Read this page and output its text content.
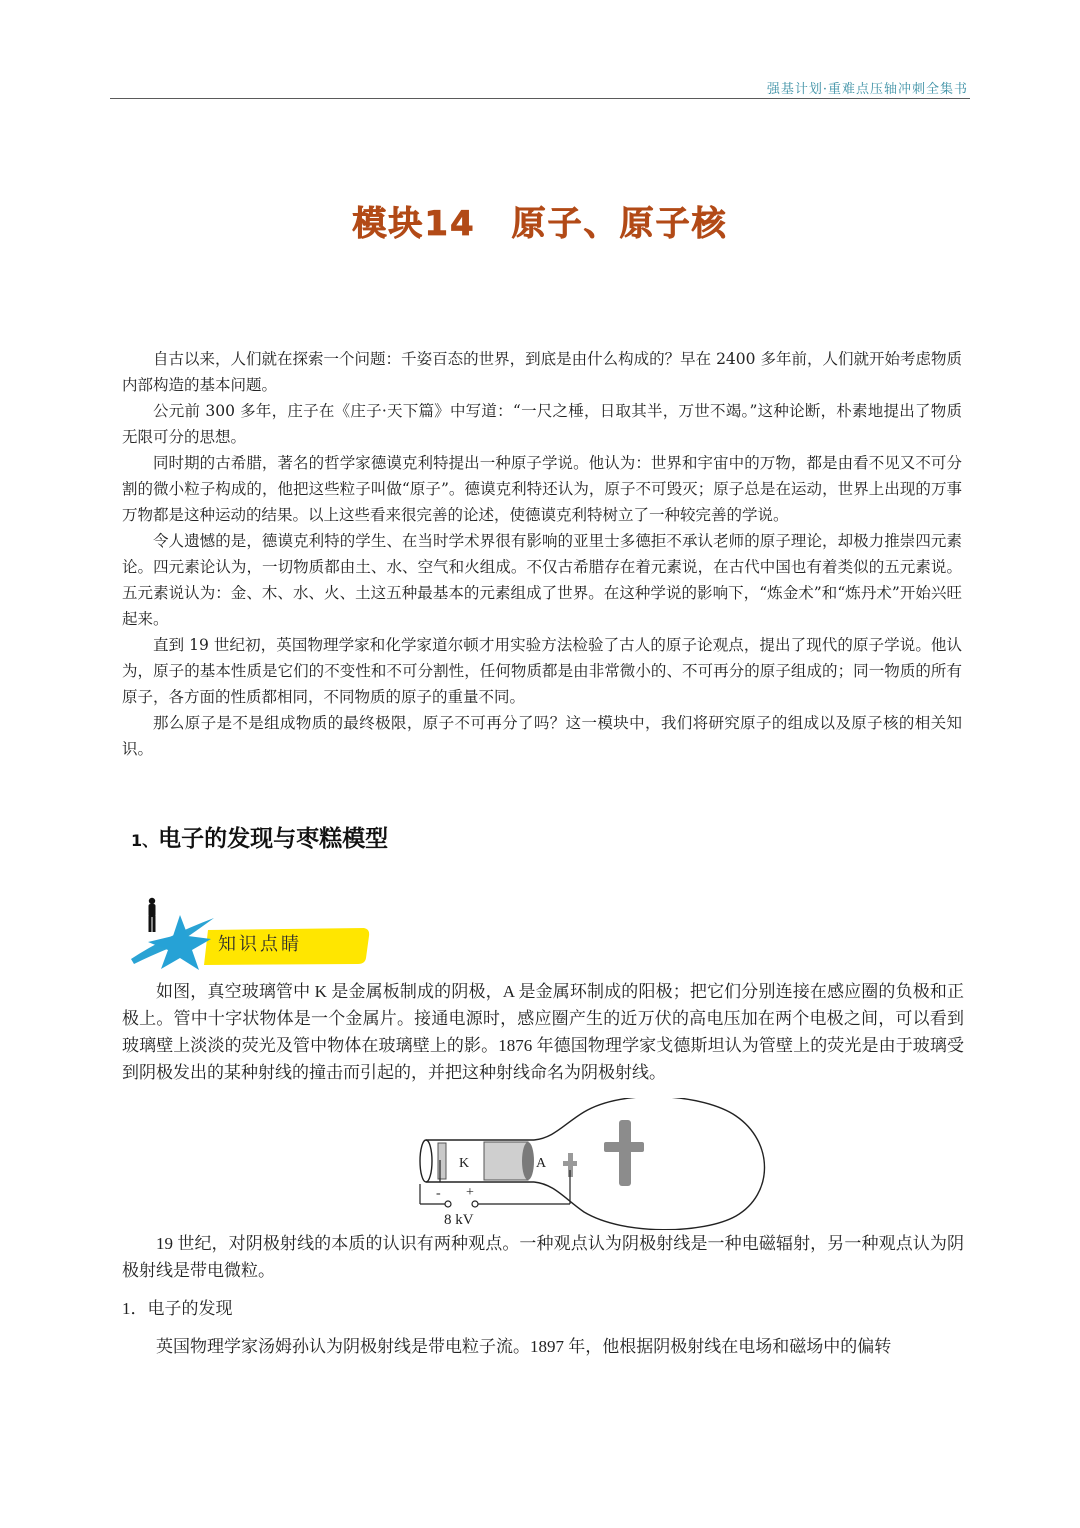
强基计划·重难点压轴冲刺全集书
模块14　原子、原子核

自古以来，人们就在探索一个问题：千姿百态的世界，到底是由什么构成的？早在 2400 多年前，人们就开始考虑物质内部构造的基本问题。

公元前 300 多年，庄子在《庄子·天下篇》中写道：“一尺之棰，日取其半，万世不竭。”这种论断，朴素地提出了物质无限可分的思想。

同时期的古希腊，著名的哲学家德谟克利特提出一种原子学说。他认为：世界和宇宙中的万物，都是由看不见又不可分割的微小粒子构成的，他把这些粒子叫做“原子”。德谟克利特还认为，原子不可毁灭；原子总是在运动，世界上出现的万事万物都是这种运动的结果。以上这些看来很完善的论述，使德谟克利特树立了一种较完善的学说。

令人遗憾的是，德谟克利特的学生、在当时学术界很有影响的亚里士多德拒不承认老师的原子理论，却极力推崇四元素论。四元素论认为，一切物质都由土、水、空气和火组成。不仅古希腊存在着元素说，在古代中国也有着类似的五元素说。五元素说认为：金、木、水、火、土这五种最基本的元素组成了世界。在这种学说的影响下，“炼金术”和“炼丹术”开始兴旺起来。

直到 19 世纪初，英国物理学家和化学家道尔顿才用实验方法检验了古人的原子论观点，提出了现代的原子学说。他认为，原子的基本性质是它们的不变性和不可分割性，任何物质都是由非常微小的、不可再分的原子组成的；同一物质的所有原子，各方面的性质都相同，不同物质的原子的重量不同。

那么原子是不是组成物质的最终极限，原子不可再分了吗？这一模块中，我们将研究原子的组成以及原子核的相关知识。

1、电子的发现与枣糕模型
知识点睛

如图，真空玻璃管中 K 是金属板制成的阴极，A 是金属环制成的阳极；把它们分别连接在感应圈的负极和正极上。管中十字状物体是一个金属片。接通电源时，感应圈产生的近万伏的高电压加在两个电极之间，可以看到玻璃壁上淡淡的荧光及管中物体在玻璃壁上的影。1876 年德国物理学家戈德斯坦认为管壁上的荧光是由于玻璃受到阴极发出的某种射线的撞击而引起的，并把这种射线命名为阴极射线。

K	A
- +
8 kV

19 世纪，对阴极射线的本质的认识有两种观点。一种观点认为阴极射线是一种电磁辐射，另一种观点认为阴极射线是带电微粒。

1．电子的发现

英国物理学家汤姆孙认为阴极射线是带电粒子流。1897 年，他根据阴极射线在电场和磁场中的偏转
